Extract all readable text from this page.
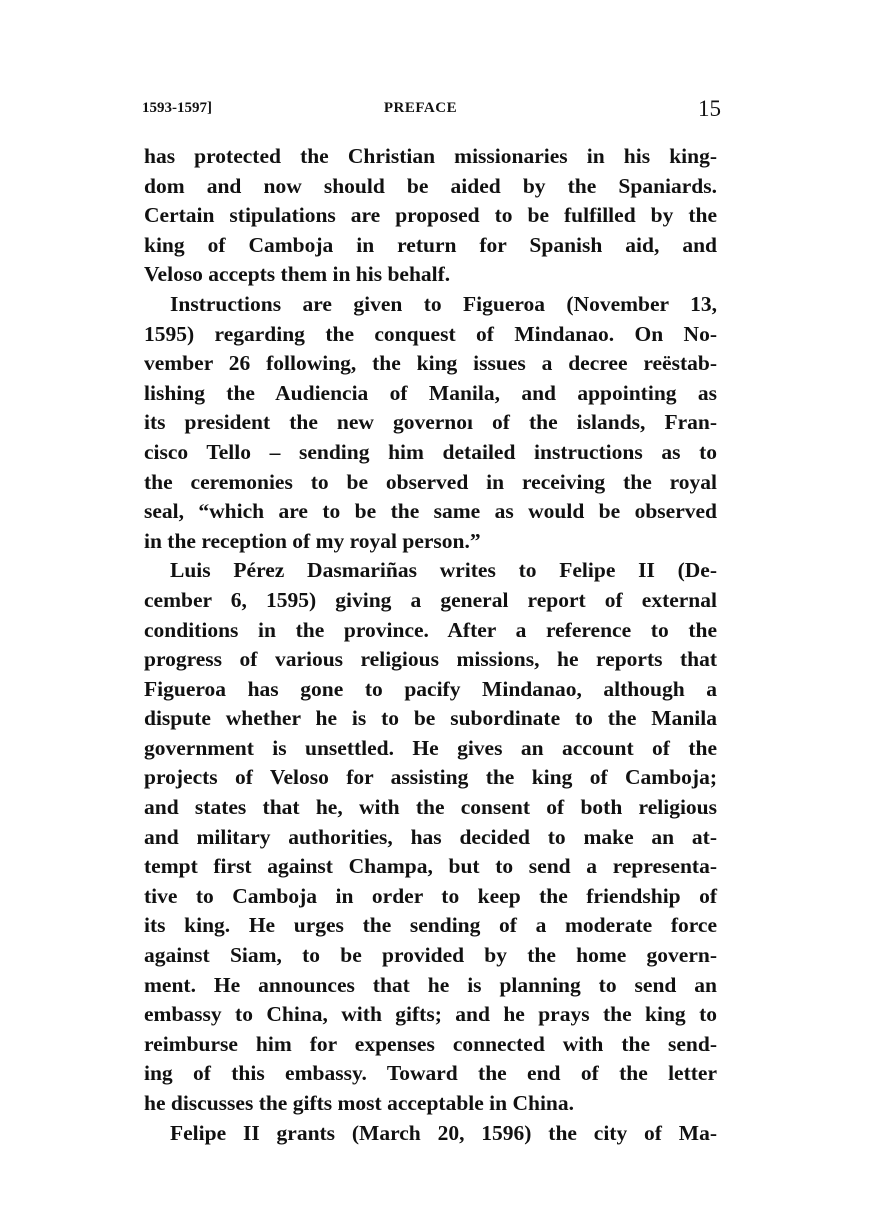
1593-1597]	PREFACE	15
has protected the Christian missionaries in his king-
dom and now should be aided by the Spaniards.
Certain stipulations are proposed to be fulfilled by the
king of Camboja in return for Spanish aid, and
Veloso accepts them in his behalf.
Instructions are given to Figueroa (November 13,
1595) regarding the conquest of Mindanao. On No-
vember 26 following, the king issues a decree reëstab-
lishing the Audiencia of Manila, and appointing as
its president the new governoı of the islands, Fran-
cisco Tello – sending him detailed instructions as to
the ceremonies to be observed in receiving the royal
seal, “which are to be the same as would be observed
in the reception of my royal person.”
Luis Pérez Dasmariñas writes to Felipe II (De-
cember 6, 1595) giving a general report of external
conditions in the province. After a reference to the
progress of various religious missions, he reports that
Figueroa has gone to pacify Mindanao, although a
dispute whether he is to be subordinate to the Manila
government is unsettled. He gives an account of the
projects of Veloso for assisting the king of Camboja;
and states that he, with the consent of both religious
and military authorities, has decided to make an at-
tempt first against Champa, but to send a representa-
tive to Camboja in order to keep the friendship of
its king. He urges the sending of a moderate force
against Siam, to be provided by the home govern-
ment. He announces that he is planning to send an
embassy to China, with gifts; and he prays the king to
reimburse him for expenses connected with the send-
ing of this embassy. Toward the end of the letter
he discusses the gifts most acceptable in China.
Felipe II grants (March 20, 1596) the city of Ma-
